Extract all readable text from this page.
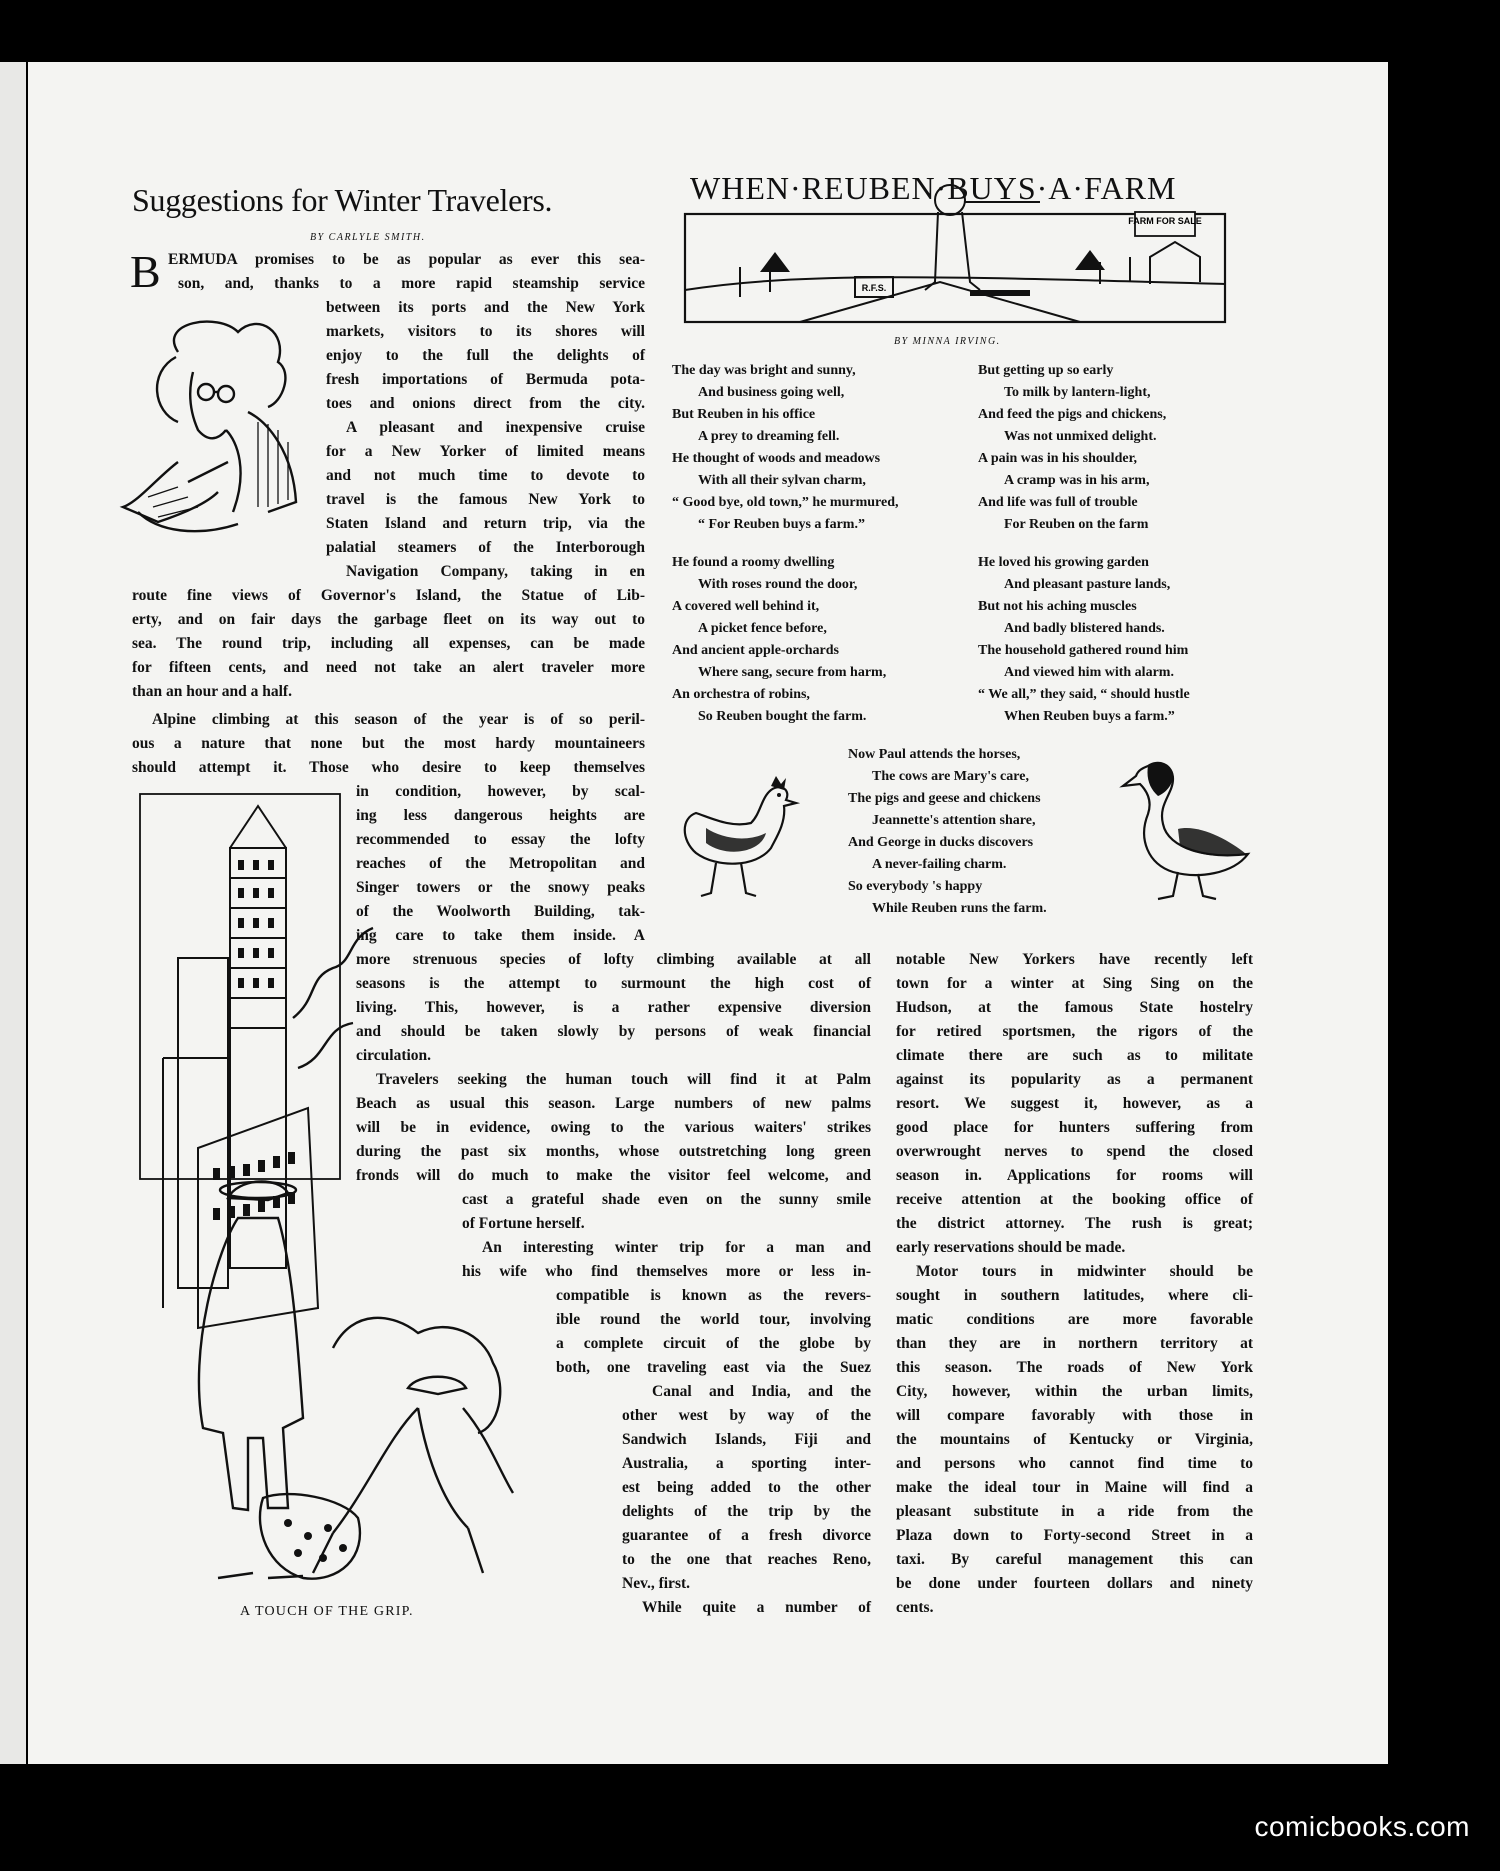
Suggestions for Winter Travelers.
BY CARLYLE SMITH.
B ERMUDA promises to be as popular as ever this sea-
son, and, thanks to a more rapid steamship service
between its ports and the New York
markets, visitors to its shores will
enjoy to the full the delights of
fresh importations of Bermuda pota-
toes and onions direct from the city.
A pleasant and inexpensive cruise
for a New Yorker of limited means
and not much time to devote to
travel is the famous New York to
Staten Island and return trip, via the
palatial steamers of the Interborough
Navigation Company, taking in en
route fine views of Governor's Island, the Statue of Lib-
erty, and on fair days the garbage fleet on its way out to
sea. The round trip, including all expenses, can be made
for fifteen cents, and need not take an alert traveler more
than an hour and a half.
Alpine climbing at this season of the year is of so peril-
ous a nature that none but the most hardy mountaineers
should attempt it. Those who desire to keep themselves
in condition, however, by scal-
ing less dangerous heights are
recommended to essay the lofty
reaches of the Metropolitan and
Singer towers or the snowy peaks
of the Woolworth Building, tak-
ing care to take them inside. A
more strenuous species of lofty climbing available at all
seasons is the attempt to surmount the high cost of
living. This, however, is a rather expensive diversion
and should be taken slowly by persons of weak financial
circulation.
Travelers seeking the human touch will find it at Palm
Beach as usual this season. Large numbers of new palms
will be in evidence, owing to the various waiters' strikes
during the past six months, whose outstretching long green
fronds will do much to make the visitor feel welcome, and
cast a grateful shade even on the sunny smile
of Fortune herself.
An interesting winter trip for a man and
his wife who find themselves more or less in-
compatible is known as the revers-
ible round the world tour, involving
a complete circuit of the globe by
both, one traveling east via the Suez
Canal and India, and the
other west by way of the
Sandwich Islands, Fiji and
Australia, a sporting inter-
est being added to the other
delights of the trip by the
guarantee of a fresh divorce
to the one that reaches Reno,
Nev., first.
While quite a number of
notable New Yorkers have recently left
town for a winter at Sing Sing on the
Hudson, at the famous State hostelry
for retired sportsmen, the rigors of the
climate there are such as to militate
against its popularity as a permanent
resort. We suggest it, however, as a
good place for hunters suffering from
overwrought nerves to spend the closed
season in. Applications for rooms will
receive attention at the booking office of
the district attorney. The rush is great;
early reservations should be made.
Motor tours in midwinter should be
sought in southern latitudes, where cli-
matic conditions are more favorable
than they are in northern territory at
this season. The roads of New York
City, however, within the urban limits,
will compare favorably with those in
the mountains of Kentucky or Virginia,
and persons who cannot find time to
make the ideal tour in Maine will find a
pleasant substitute in a ride from the
Plaza down to Forty-second Street in a
taxi. By careful management this can
be done under fourteen dollars and ninety
cents.
A TOUCH OF THE GRIP.
FARM FOR SALE
R.F.S.
WHEN·REUBEN·BUYS·A·FARM
BY MINNA IRVING.
The day was bright and sunny,
And business going well,
But Reuben in his office
A prey to dreaming fell.
He thought of woods and meadows
With all their sylvan charm,
“ Good bye, old town,” he murmured,
“ For Reuben buys a farm.”
He found a roomy dwelling
With roses round the door,
A covered well behind it,
A picket fence before,
And ancient apple-orchards
Where sang, secure from harm,
An orchestra of robins,
So Reuben bought the farm.
But getting up so early
To milk by lantern-light,
And feed the pigs and chickens,
Was not unmixed delight.
A pain was in his shoulder,
A cramp was in his arm,
And life was full of trouble
For Reuben on the farm
He loved his growing garden
And pleasant pasture lands,
But not his aching muscles
And badly blistered hands.
The household gathered round him
And viewed him with alarm.
“ We all,” they said, “ should hustle
When Reuben buys a farm.”
Now Paul attends the horses,
The cows are Mary's care,
The pigs and geese and chickens
Jeannette's attention share,
And George in ducks discovers
A never-failing charm.
So everybody 's happy
While Reuben runs the farm.
comicbooks.com
